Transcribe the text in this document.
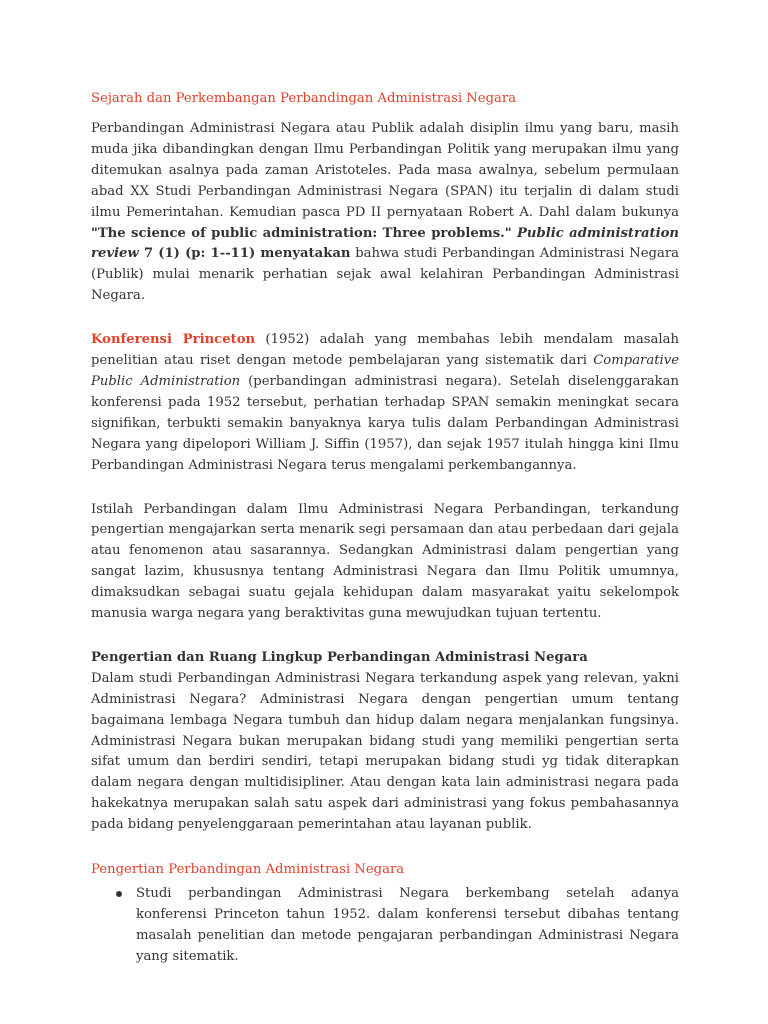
Sejarah dan Perkembangan Perbandingan Administrasi Negara

Perbandingan Administrasi Negara atau Publik adalah disiplin ilmu yang baru, masih muda jika dibandingkan dengan Ilmu Perbandingan Politik yang merupakan ilmu yang ditemukan asalnya pada zaman Aristoteles. Pada masa awalnya, sebelum permulaan abad XX Studi Perbandingan Administrasi Negara (SPAN) itu terjalin di dalam studi ilmu Pemerintahan. Kemudian pasca PD II pernyataan Robert A. Dahl dalam bukunya "The science of public administration: Three problems." Public administration review 7 (1) (p: 1--11) menyatakan bahwa studi Perbandingan Administrasi Negara (Publik) mulai menarik perhatian sejak awal kelahiran Perbandingan Administrasi Negara.

Konferensi Princeton (1952) adalah yang membahas lebih mendalam masalah penelitian atau riset dengan metode pembelajaran yang sistematik dari Comparative Public Administration (perbandingan administrasi negara). Setelah diselenggarakan konferensi pada 1952 tersebut, perhatian terhadap SPAN semakin meningkat secara signifikan, terbukti semakin banyaknya karya tulis dalam Perbandingan Administrasi Negara yang dipelopori William J. Siffin (1957), dan sejak 1957 itulah hingga kini Ilmu Perbandingan Administrasi Negara terus mengalami perkembangannya.

Istilah Perbandingan dalam Ilmu Administrasi Negara Perbandingan, terkandung pengertian mengajarkan serta menarik segi persamaan dan atau perbedaan dari gejala atau fenomenon atau sasarannya. Sedangkan Administrasi dalam pengertian yang sangat lazim, khususnya tentang Administrasi Negara dan Ilmu Politik umumnya, dimaksudkan sebagai suatu gejala kehidupan dalam masyarakat yaitu sekelompok manusia warga negara yang beraktivitas guna mewujudkan tujuan tertentu.

Pengertian dan Ruang Lingkup Perbandingan Administrasi Negara

Dalam studi Perbandingan Administrasi Negara terkandung aspek yang relevan, yakni Administrasi Negara? Administrasi Negara dengan pengertian umum tentang bagaimana lembaga Negara tumbuh dan hidup dalam negara menjalankan fungsinya. Administrasi Negara bukan merupakan bidang studi yang memiliki pengertian serta sifat umum dan berdiri sendiri, tetapi merupakan bidang studi yg tidak diterapkan dalam negara dengan multidisipliner. Atau dengan kata lain administrasi negara pada hakekatnya merupakan salah satu aspek dari administrasi yang fokus pembahasannya pada bidang penyelenggaraan pemerintahan atau layanan publik.

Pengertian Perbandingan Administrasi Negara
Studi perbandingan Administrasi Negara berkembang setelah adanya konferensi Princeton tahun 1952. dalam konferensi tersebut dibahas tentang masalah penelitian dan metode pengajaran perbandingan Administrasi Negara yang sitematik.
